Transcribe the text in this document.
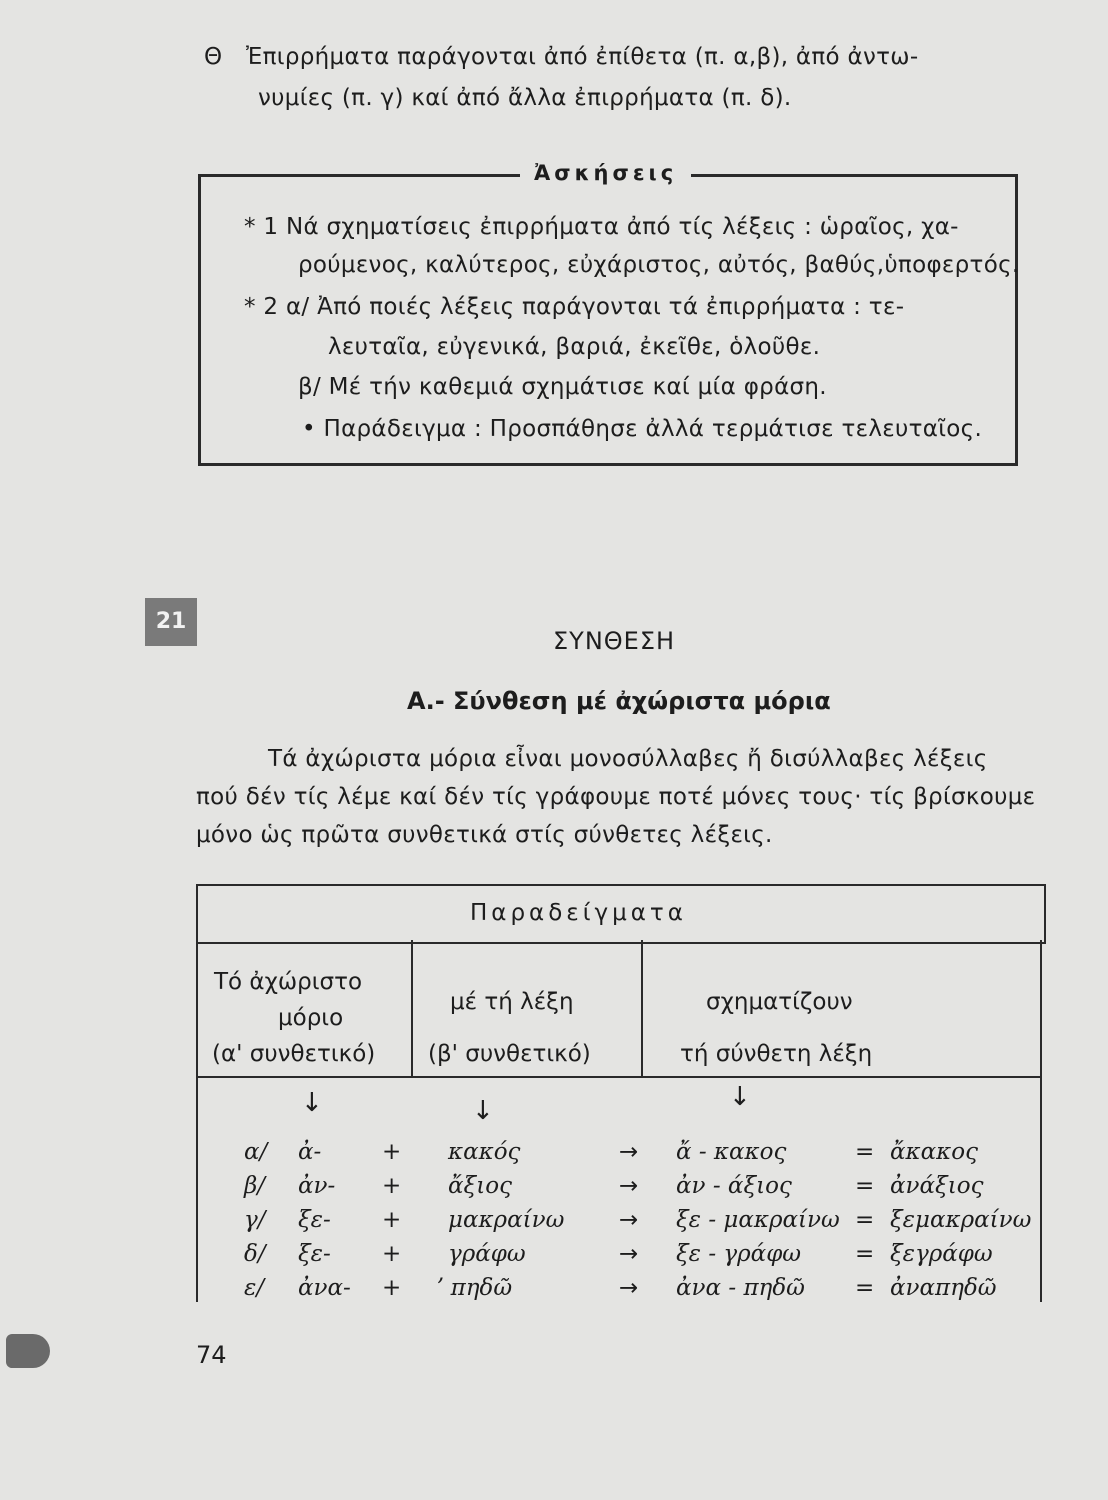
Θ Ἐπιρρήματα παράγονται ἀπό ἐπίθετα (π. α,β), ἀπό ἀντω-
νυμίες (π. γ) καί ἀπό ἄλλα ἐπιρρήματα (π. δ).
Ἀσκήσεις
* 1 Νά σχηματίσεις ἐπιρρήματα ἀπό τίς λέξεις : ὡραῖος, χα-
ρούμενος, καλύτερος, εὐχάριστος, αὐτός, βαθύς,ὑποφερτός.
* 2 α/ Ἀπό ποιές λέξεις παράγονται τά ἐπιρρήματα : τε-
λευταῖα, εὐγενικά, βαριά, ἐκεῖθε, ὁλοῦθε.
β/ Μέ τήν καθεμιά σχημάτισε καί μία φράση.
• Παράδειγμα : Προσπάθησε ἀλλά τερμάτισε τελευταῖος.
21
ΣΥΝΘΕΣΗ
Α.- Σύνθεση μέ ἀχώριστα μόρια
Τά ἀχώριστα μόρια εἶναι μονοσύλλαβες ἤ δισύλλαβες λέξεις
πού δέν τίς λέμε καί δέν τίς γράφουμε ποτέ μόνες τους· τίς βρίσκουμε
μόνο ὡς πρῶτα συνθετικά στίς σύνθετες λέξεις.
Παραδείγματα
Τό ἀχώριστο
μόριο
(α' συνθετικό)
μέ τή λέξη
(β' συνθετικό)
σχηματίζουν
τή σύνθετη λέξη
↓	↓	↓
α/ ἀ-	+ κακός	→ ἄ - κακος	= ἄκακος
β/ ἀν- + ἄξιος	→ ἀν - άξιος	= ἀνάξιος
γ/ ξε- + μακραίνω → ξε - μακραίνω = ξεμακραίνω
δ/ ξε- + γράφω	→ ξε - γράφω = ξεγράφω
ε/ ἀνα- + ʼ πηδῶ	→ ἀνα - πηδῶ = ἀναπηδῶ
74
